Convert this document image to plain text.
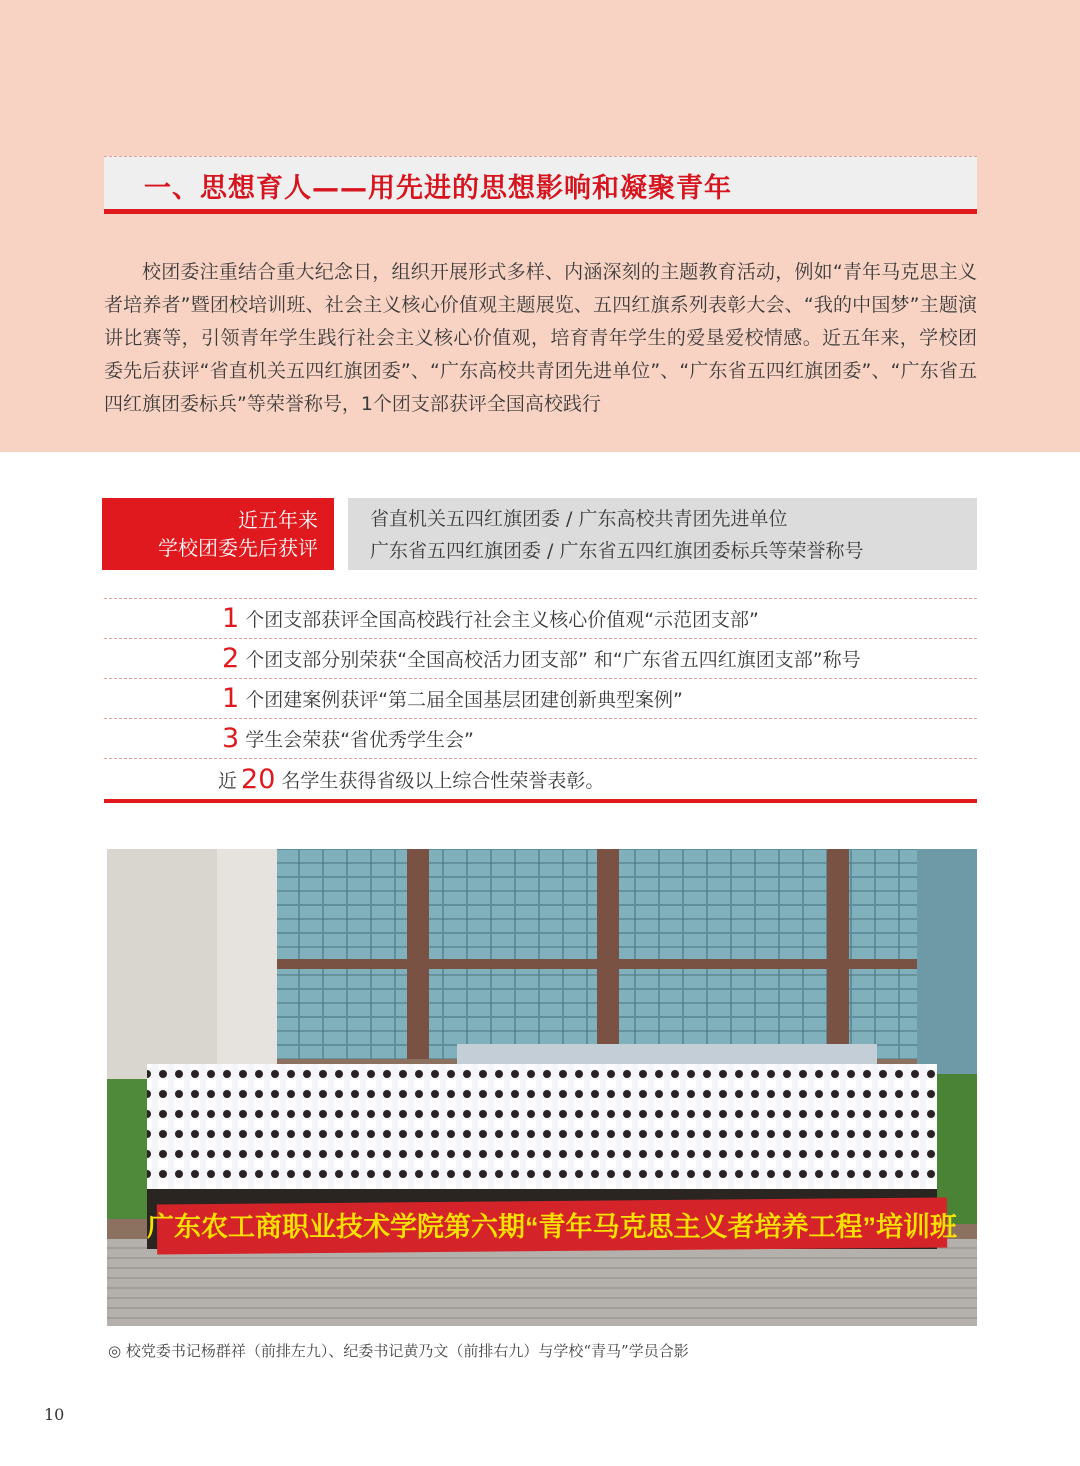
一、思想育人——用先进的思想影响和凝聚青年

校团委注重结合重大纪念日，组织开展形式多样、内涵深刻的主题教育活动，例如“青年马克思主义者培养者”暨团校培训班、社会主义核心价值观主题展览、五四红旗系列表彰大会、“我的中国梦”主题演讲比赛等，引领青年学生践行社会主义核心价值观，培育青年学生的爱垦爱校情感。近五年来，学校团委先后获评“省直机关五四红旗团委”、“广东高校共青团先进单位”、“广东省五四红旗团委”、“广东省五四红旗团委标兵”等荣誉称号，1个团支部获评全国高校践行

近五年来
学校团委先后获评
省直机关五四红旗团委 / 广东高校共青团先进单位
广东省五四红旗团委 / 广东省五四红旗团委标兵等荣誉称号
1 个团支部获评全国高校践行社会主义核心价值观“示范团支部”
2 个团支部分别荣获“全国高校活力团支部” 和“广东省五四红旗团支部”称号
1 个团建案例获评“第二届全国基层团建创新典型案例”
3 学生会荣获“省优秀学生会”
近 20 名学生获得省级以上综合性荣誉表彰。
广东农工商职业技术学院第六期“青年马克思主义者培养工程”培训班
◎ 校党委书记杨群祥（前排左九）、纪委书记黄乃文（前排右九）与学校“青马”学员合影
10
